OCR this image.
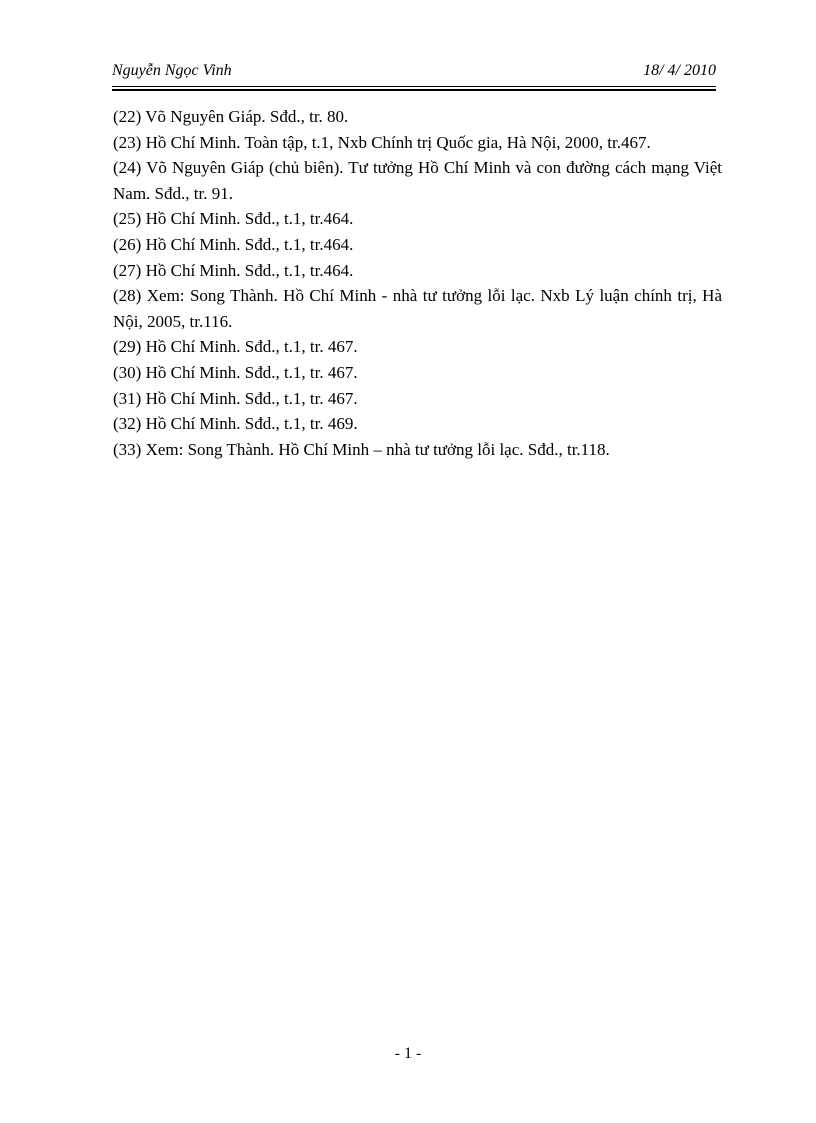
Nguyễn Ngọc Vinh	18/ 4/ 2010

(22) Võ Nguyên Giáp. Sđd., tr. 80.

(23) Hồ Chí Minh. Toàn tập, t.1, Nxb Chính trị Quốc gia, Hà Nội, 2000, tr.467.

(24) Võ Nguyên Giáp (chủ biên). Tư tưởng Hồ Chí Minh và con đường cách mạng Việt Nam. Sđd., tr. 91.

(25) Hồ Chí Minh. Sđd., t.1, tr.464.

(26) Hồ Chí Minh. Sđd., t.1, tr.464.

(27) Hồ Chí Minh. Sđd., t.1, tr.464.

(28) Xem: Song Thành. Hồ Chí Minh - nhà tư tưởng lỗi lạc. Nxb Lý luận chính trị, Hà Nội, 2005, tr.116.

(29) Hồ Chí Minh. Sđd., t.1, tr. 467.

(30) Hồ Chí Minh. Sđd., t.1, tr. 467.

(31) Hồ Chí Minh. Sđd., t.1, tr. 467.

(32) Hồ Chí Minh. Sđd., t.1, tr. 469.

(33) Xem: Song Thành. Hồ Chí Minh – nhà tư tưởng lỗi lạc. Sđd., tr.118.

- 1 -
